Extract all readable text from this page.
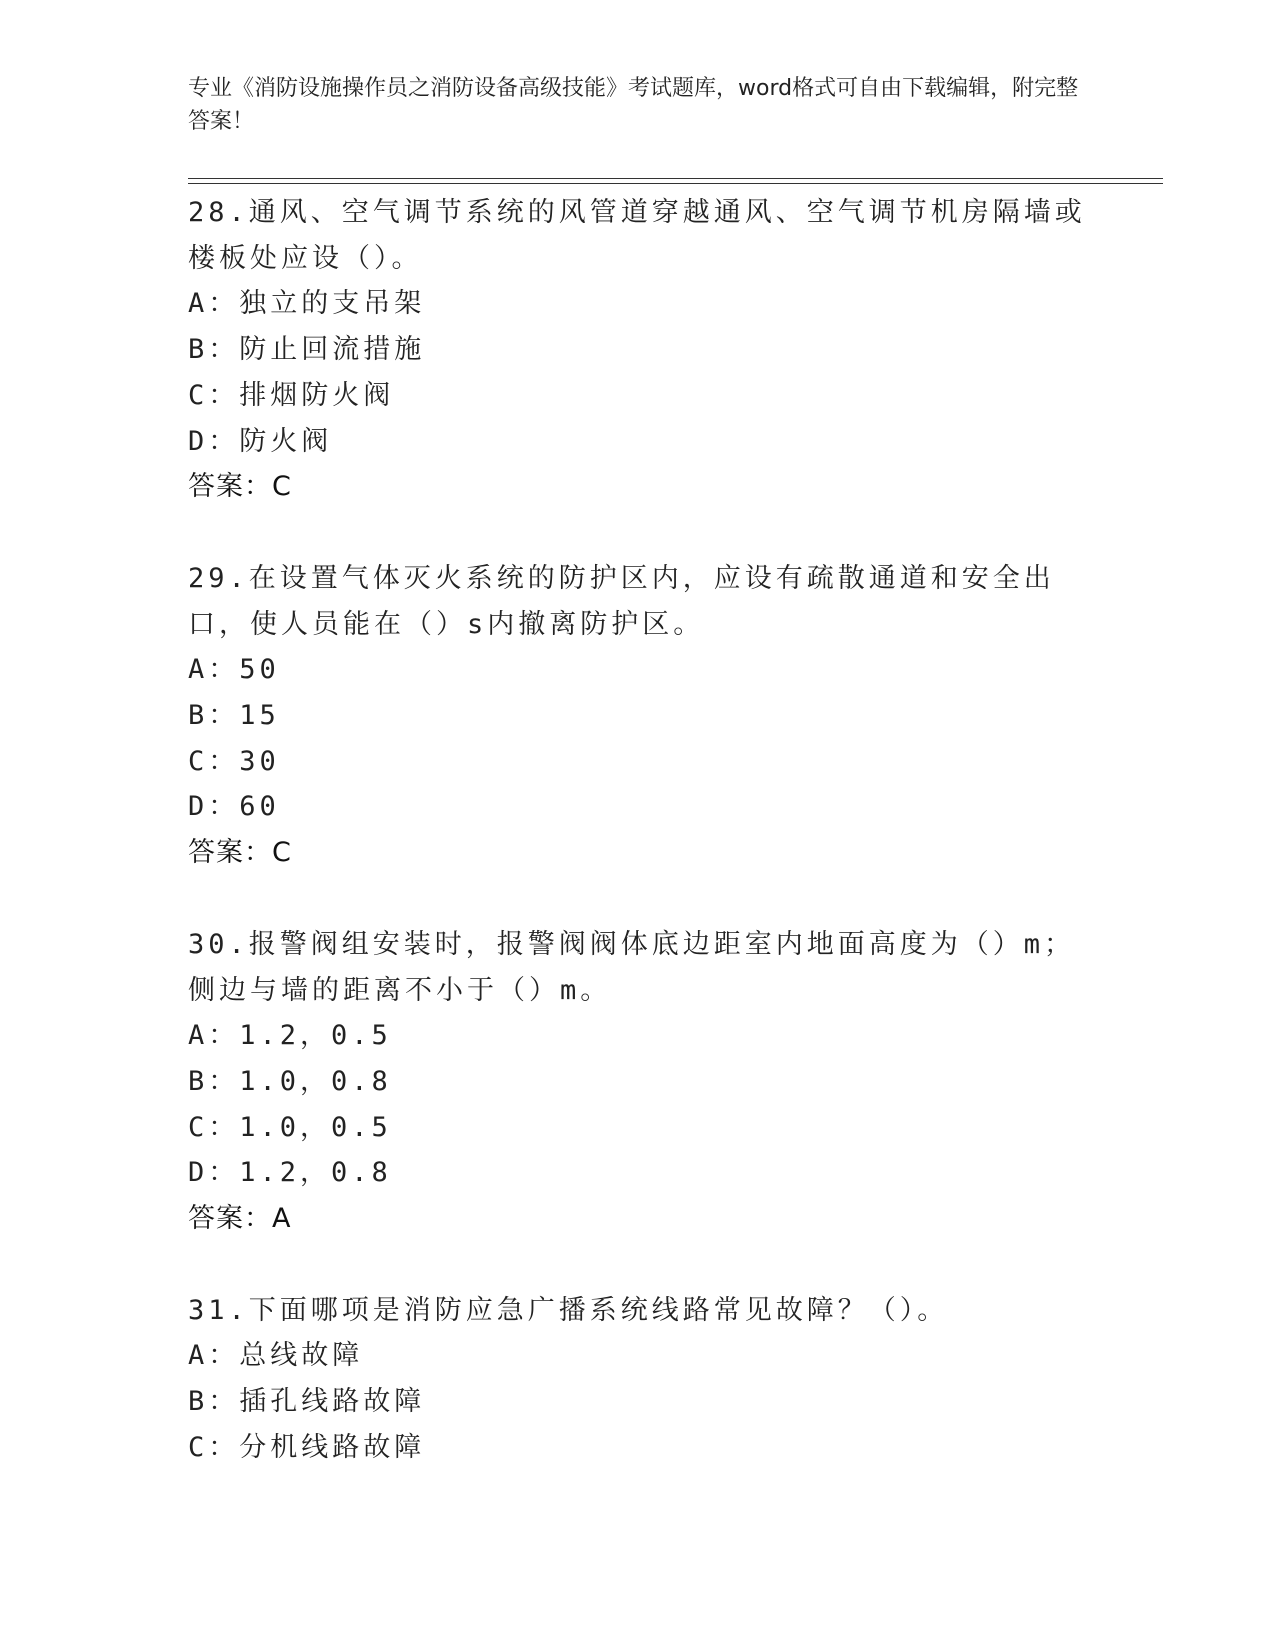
专业《消防设施操作员之消防设备高级技能》考试题库，word格式可自由下载编辑，附完整答案！
28.通风、空气调节系统的风管道穿越通风、空气调节机房隔墙或楼板处应设（）。
A：独立的支吊架
B：防止回流措施
C：排烟防火阀
D：防火阀
答案：C
29.在设置气体灭火系统的防护区内，应设有疏散通道和安全出口，使人员能在（）s内撤离防护区。
A：50
B：15
C：30
D：60
答案：C
30.报警阀组安装时，报警阀阀体底边距室内地面高度为（）m；侧边与墙的距离不小于（）m。
A：1.2，0.5
B：1.0，0.8
C：1.0，0.5
D：1.2，0.8
答案：A
31.下面哪项是消防应急广播系统线路常见故障？（）。
A：总线故障
B：插孔线路故障
C：分机线路故障
